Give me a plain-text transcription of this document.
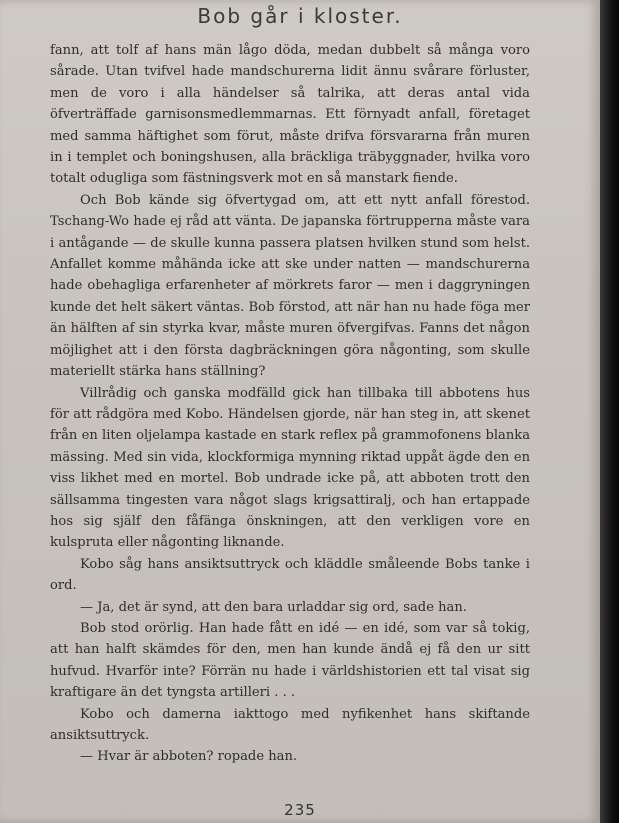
Bob går i kloster.

fann, att tolf af hans män lågo döda, medan dubbelt så många voro sårade. Utan tvifvel hade mandschurerna lidit ännu svårare förluster, men de voro i alla händelser så talrika, att deras antal vida öfverträffade garnisonsmedlemmarnas. Ett förnyadt anfall, företaget med samma häftighet som förut, måste drifva försvararna från muren in i templet och boningshusen, alla bräckliga träbyggnader, hvilka voro totalt odugliga som fästningsverk mot en så manstark fiende.

Och Bob kände sig öfvertygad om, att ett nytt anfall förestod. Tschang-Wo hade ej råd att vänta. De japanska förtrupperna måste vara i antågande — de skulle kunna passera platsen hvilken stund som helst. Anfallet komme måhända icke att ske under natten — mandschurerna hade obehagliga erfarenheter af mörkrets faror — men i daggryningen kunde det helt säkert väntas. Bob förstod, att när han nu hade föga mer än hälften af sin styrka kvar, måste muren öfvergifvas. Fanns det någon möjlighet att i den första dagbräckningen göra någonting, som skulle materiellt stärka hans ställning?

Villrådig och ganska modfälld gick han tillbaka till abbotens hus för att rådgöra med Kobo. Händelsen gjorde, när han steg in, att skenet från en liten oljelampa kastade en stark reflex på grammofonens blanka mässing. Med sin vida, klockformiga mynning riktad uppåt ägde den en viss likhet med en mortel. Bob undrade icke på, att abboten trott den sällsamma tingesten vara något slags krigsattiralj, och han ertappade hos sig själf den fåfänga önskningen, att den verkligen vore en kulspruta eller någonting liknande.

Kobo såg hans ansiktsuttryck och kläddle småleende Bobs tanke i ord.

— Ja, det är synd, att den bara urladdar sig ord, sade han.

Bob stod orörlig. Han hade fått en idé — en idé, som var så tokig, att han halft skämdes för den, men han kunde ändå ej få den ur sitt hufvud. Hvarför inte? Förrän nu hade i världshistorien ett tal visat sig kraftigare än det tyngsta artilleri . . .

Kobo och damerna iakttogo med nyfikenhet hans skiftande ansiktsuttryck.

— Hvar är abboten? ropade han.

235
